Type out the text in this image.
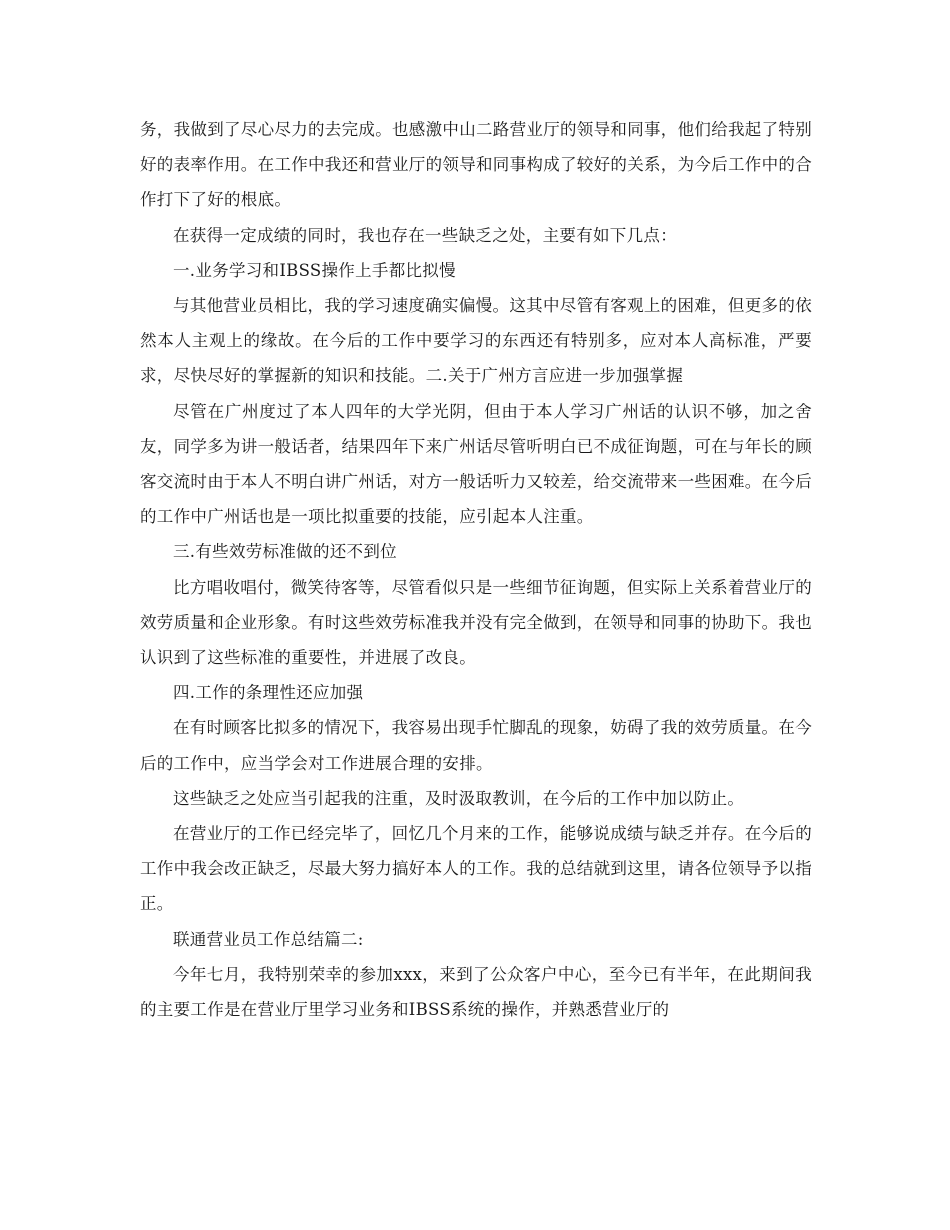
务，我做到了尽心尽力的去完成。也感激中山二路营业厅的领导和同事，他们给我起了特别好的表率作用。在工作中我还和营业厅的领导和同事构成了较好的关系，为今后工作中的合作打下了好的根底。

在获得一定成绩的同时，我也存在一些缺乏之处，主要有如下几点：

一.业务学习和IBSS操作上手都比拟慢

与其他营业员相比，我的学习速度确实偏慢。这其中尽管有客观上的困难，但更多的依然本人主观上的缘故。在今后的工作中要学习的东西还有特别多，应对本人高标准，严要求，尽快尽好的掌握新的知识和技能。二.关于广州方言应进一步加强掌握

尽管在广州度过了本人四年的大学光阴，但由于本人学习广州话的认识不够，加之舍友，同学多为讲一般话者，结果四年下来广州话尽管听明白已不成征询题，可在与年长的顾客交流时由于本人不明白讲广州话，对方一般话听力又较差，给交流带来一些困难。在今后的工作中广州话也是一项比拟重要的技能，应引起本人注重。

三.有些效劳标准做的还不到位

比方唱收唱付，微笑待客等，尽管看似只是一些细节征询题，但实际上关系着营业厅的效劳质量和企业形象。有时这些效劳标准我并没有完全做到，在领导和同事的协助下。我也认识到了这些标准的重要性，并进展了改良。

四.工作的条理性还应加强

在有时顾客比拟多的情况下，我容易出现手忙脚乱的现象，妨碍了我的效劳质量。在今后的工作中，应当学会对工作进展合理的安排。

这些缺乏之处应当引起我的注重，及时汲取教训，在今后的工作中加以防止。

在营业厅的工作已经完毕了，回忆几个月来的工作，能够说成绩与缺乏并存。在今后的工作中我会改正缺乏，尽最大努力搞好本人的工作。我的总结就到这里，请各位领导予以指正。

联通营业员工作总结篇二:

今年七月，我特别荣幸的参加xxx，来到了公众客户中心，至今已有半年，在此期间我的主要工作是在营业厅里学习业务和IBSS系统的操作，并熟悉营业厅的
